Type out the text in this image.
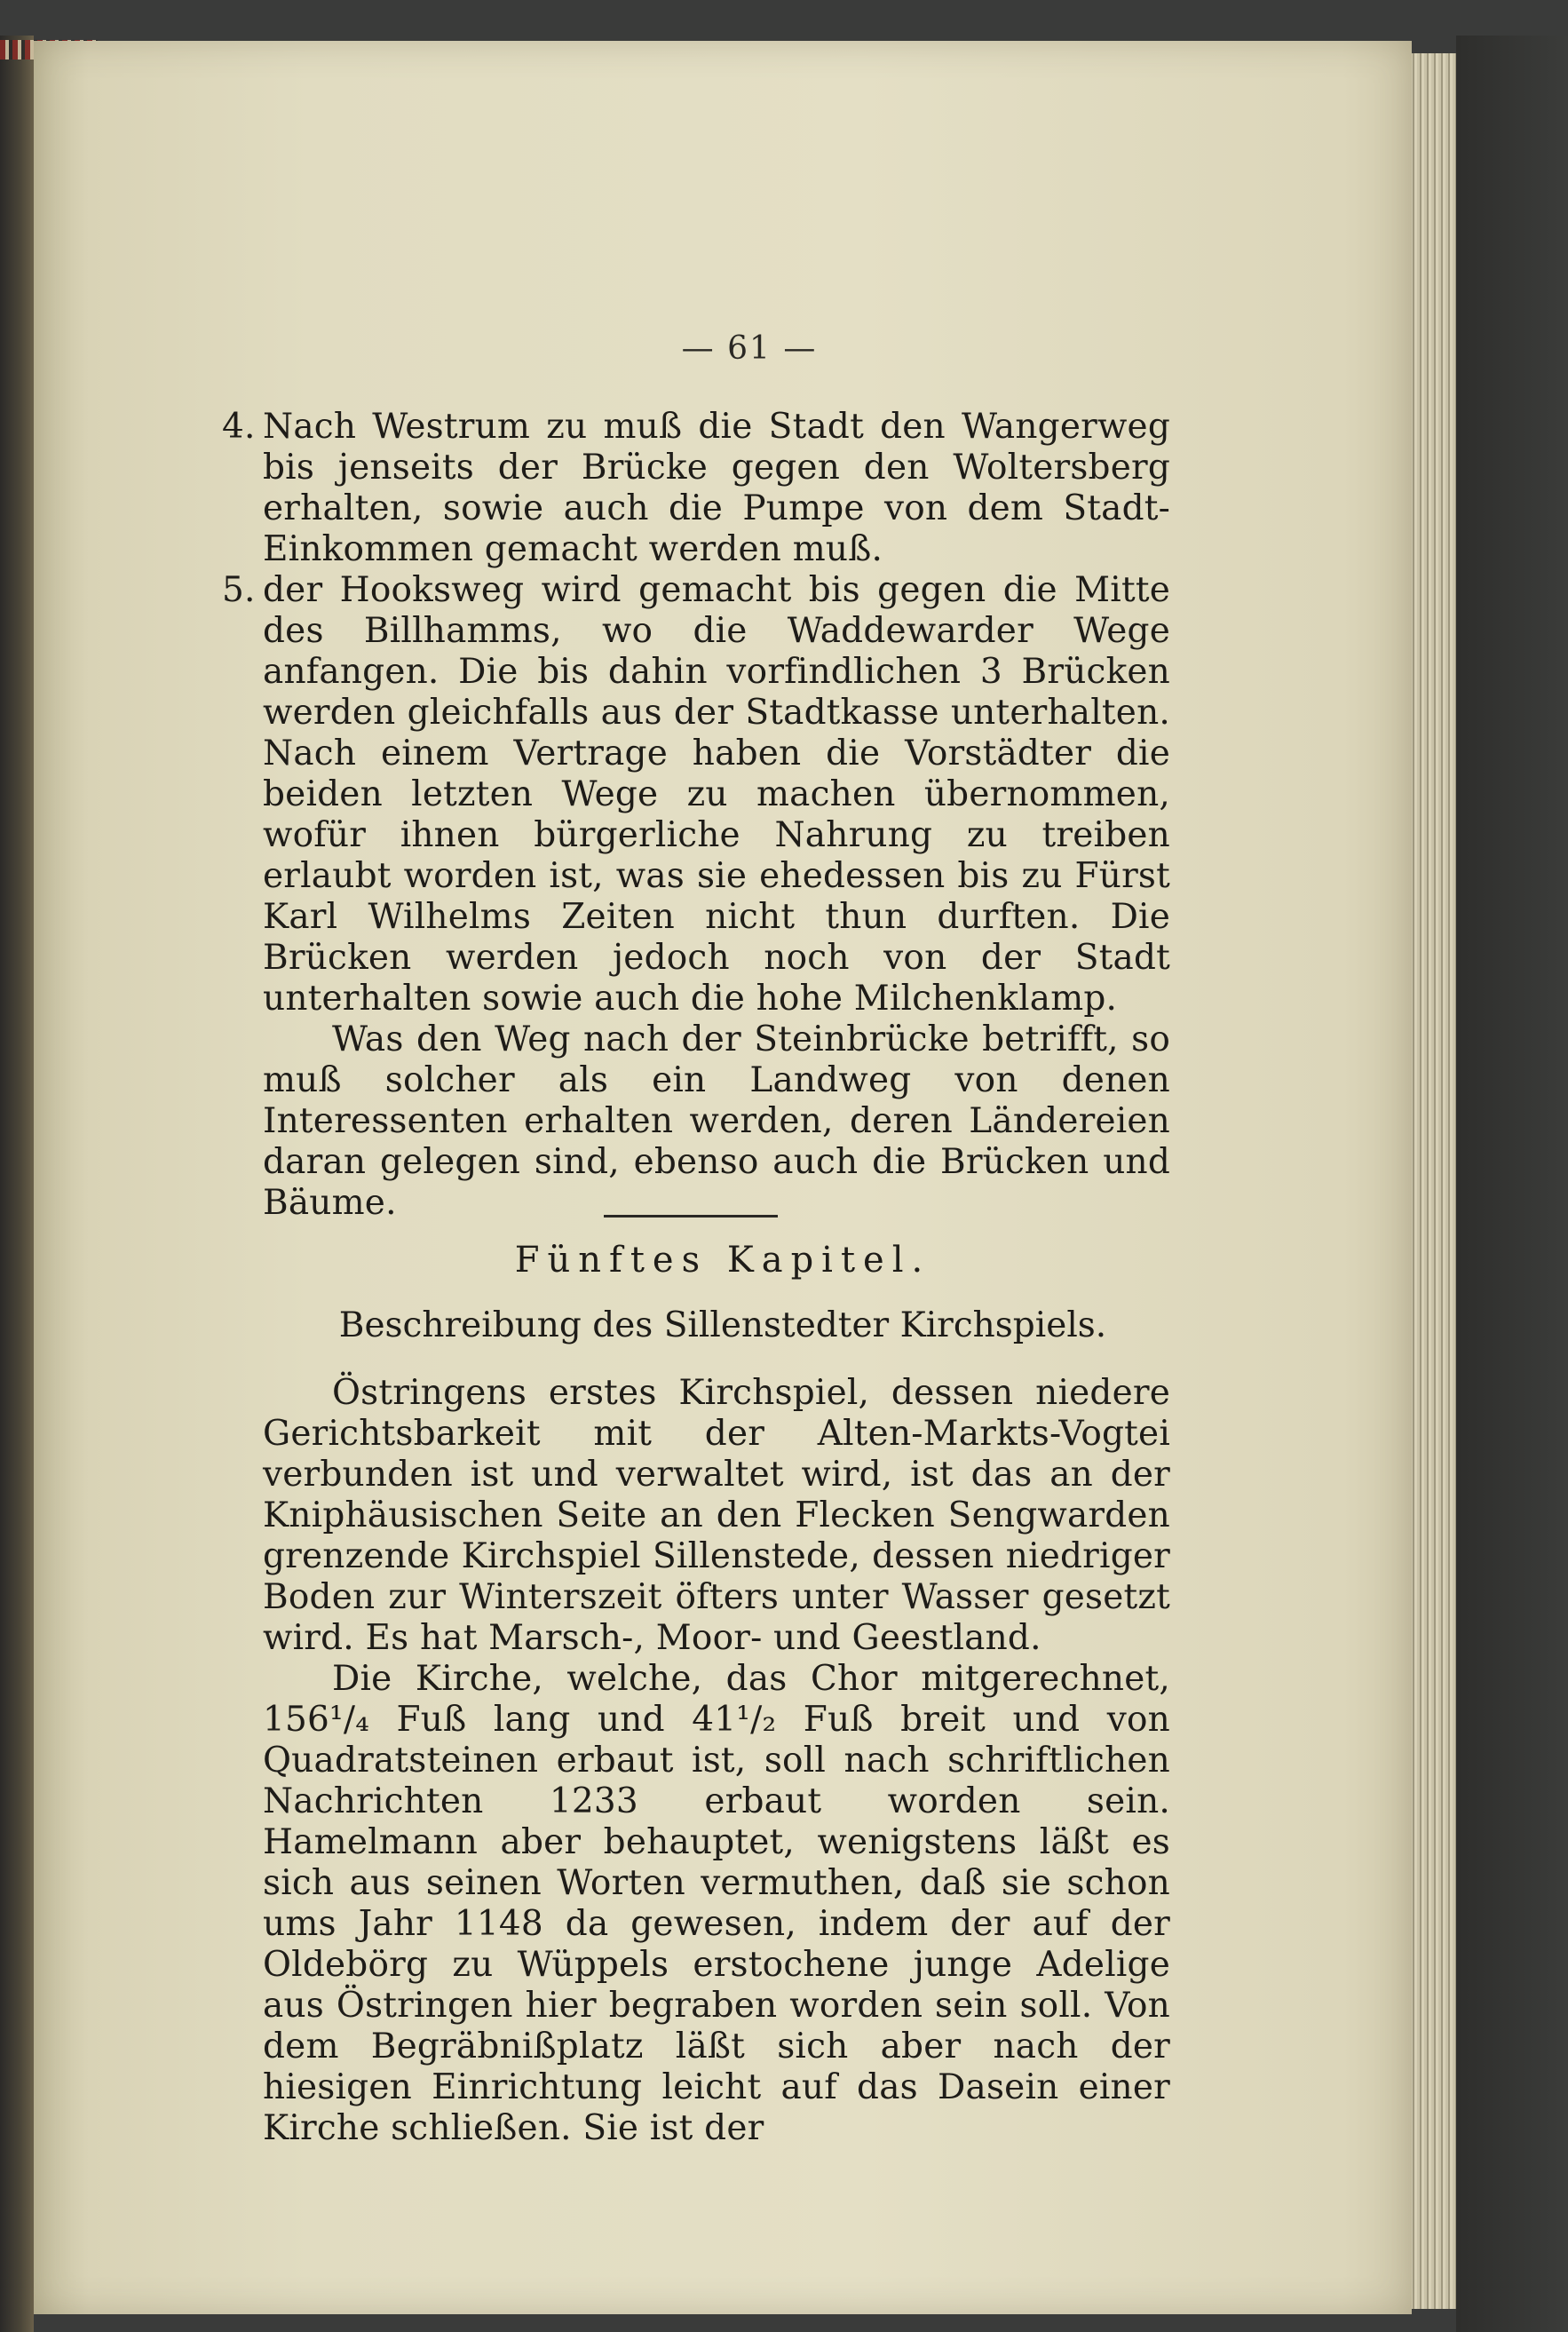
— 61 —
4. Nach Westrum zu muß die Stadt den Wangerweg bis jenseits der Brücke gegen den Woltersberg erhalten, sowie auch die Pumpe von dem Stadt-Einkommen gemacht werden muß.
5. der Hooksweg wird gemacht bis gegen die Mitte des Billhamms, wo die Waddewarder Wege anfangen. Die bis dahin vorfindlichen 3 Brücken werden gleichfalls aus der Stadtkasse unterhalten. Nach einem Vertrage haben die Vorstädter die beiden letzten Wege zu machen übernommen, wofür ihnen bürgerliche Nahrung zu treiben erlaubt worden ist, was sie ehedessen bis zu Fürst Karl Wilhelms Zeiten nicht thun durften. Die Brücken werden jedoch noch von der Stadt unterhalten sowie auch die hohe Milchenklamp.

Was den Weg nach der Steinbrücke betrifft, so muß solcher als ein Landweg von denen Interessenten erhalten werden, deren Ländereien daran gelegen sind, ebenso auch die Brücken und Bäume.

Fünftes Kapitel.
Beschreibung des Sillenstedter Kirchspiels.

Östringens erstes Kirchspiel, dessen niedere Gerichtsbarkeit mit der Alten-Markts-Vogtei verbunden ist und verwaltet wird, ist das an der Kniphäusischen Seite an den Flecken Sengwarden grenzende Kirchspiel Sillenstede, dessen niedriger Boden zur Winterszeit öfters unter Wasser gesetzt wird. Es hat Marsch-, Moor- und Geestland.

Die Kirche, welche, das Chor mitgerechnet, 156¹/₄ Fuß lang und 41¹/₂ Fuß breit und von Quadratsteinen erbaut ist, soll nach schriftlichen Nachrichten 1233 erbaut worden sein. Hamelmann aber behauptet, wenigstens läßt es sich aus seinen Worten vermuthen, daß sie schon ums Jahr 1148 da gewesen, indem der auf der Oldebörg zu Wüppels erstochene junge Adelige aus Östringen hier begraben worden sein soll. Von dem Begräbnißplatz läßt sich aber nach der hiesigen Einrichtung leicht auf das Dasein einer Kirche schließen. Sie ist der
